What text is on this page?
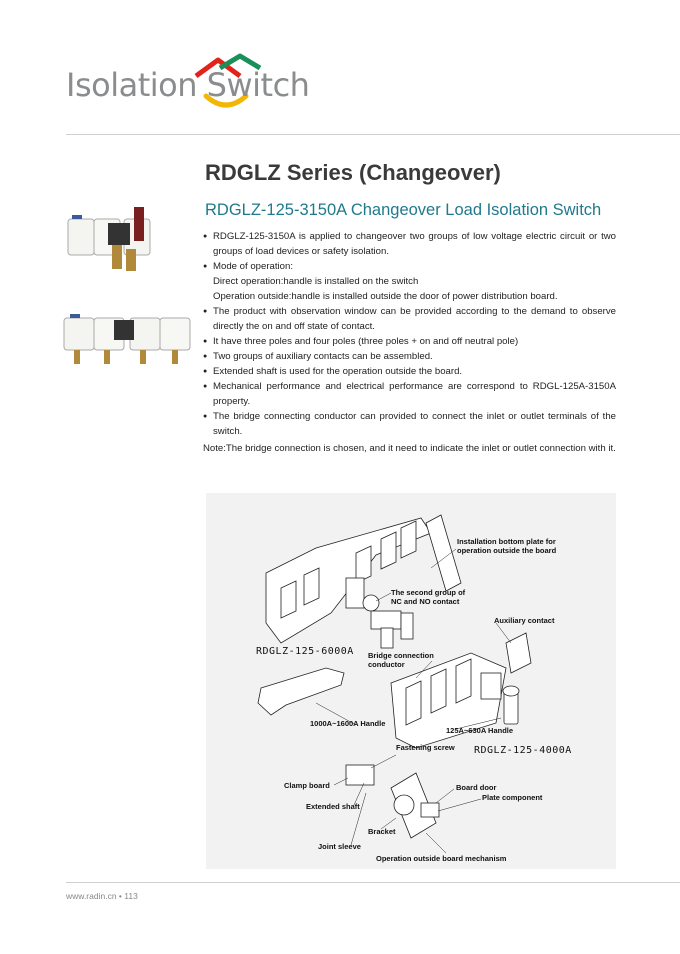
Isolation Switch
RDGLZ Series (Changeover)
RDGLZ-125-3150A Changeover Load Isolation Switch

● RDGLZ-125-3150A is applied to changeover two groups of low voltage electric circuit or two groups of load devices or safety isolation.

● Mode of operation:

Direct operation:handle is installed on the switch

Operation outside:handle is installed outside the door of power distribution board.

● The product with observation window can be provided according to the demand to observe directly the on and off state of contact.

● It have three poles and four poles (three poles + on and off neutral pole)

● Two groups of auxiliary contacts can be assembled.

● Extended shaft is used for the operation outside the board.

● Mechanical performance and electrical performance are correspond to RDGL-125A-3150A property.

● The bridge connecting conductor can provided to connect the inlet or outlet terminals of the switch.

Note:The bridge connection is chosen, and it need to indicate the inlet or outlet connection with it.

Installation bottom plate for
operation outside the board
The second group of
NC and NO contact
Auxiliary contact
RDGLZ-125-6000A Bridge connection
conductor
1000A~1600A Handle
125A~630A Handle
Fastening screw RDGLZ-125-4000A
Clamp board	Board door
Plate component
Extended shaft
Bracket
Joint sleeve
Operation outside board mechanism
www.radin.cn • 113
